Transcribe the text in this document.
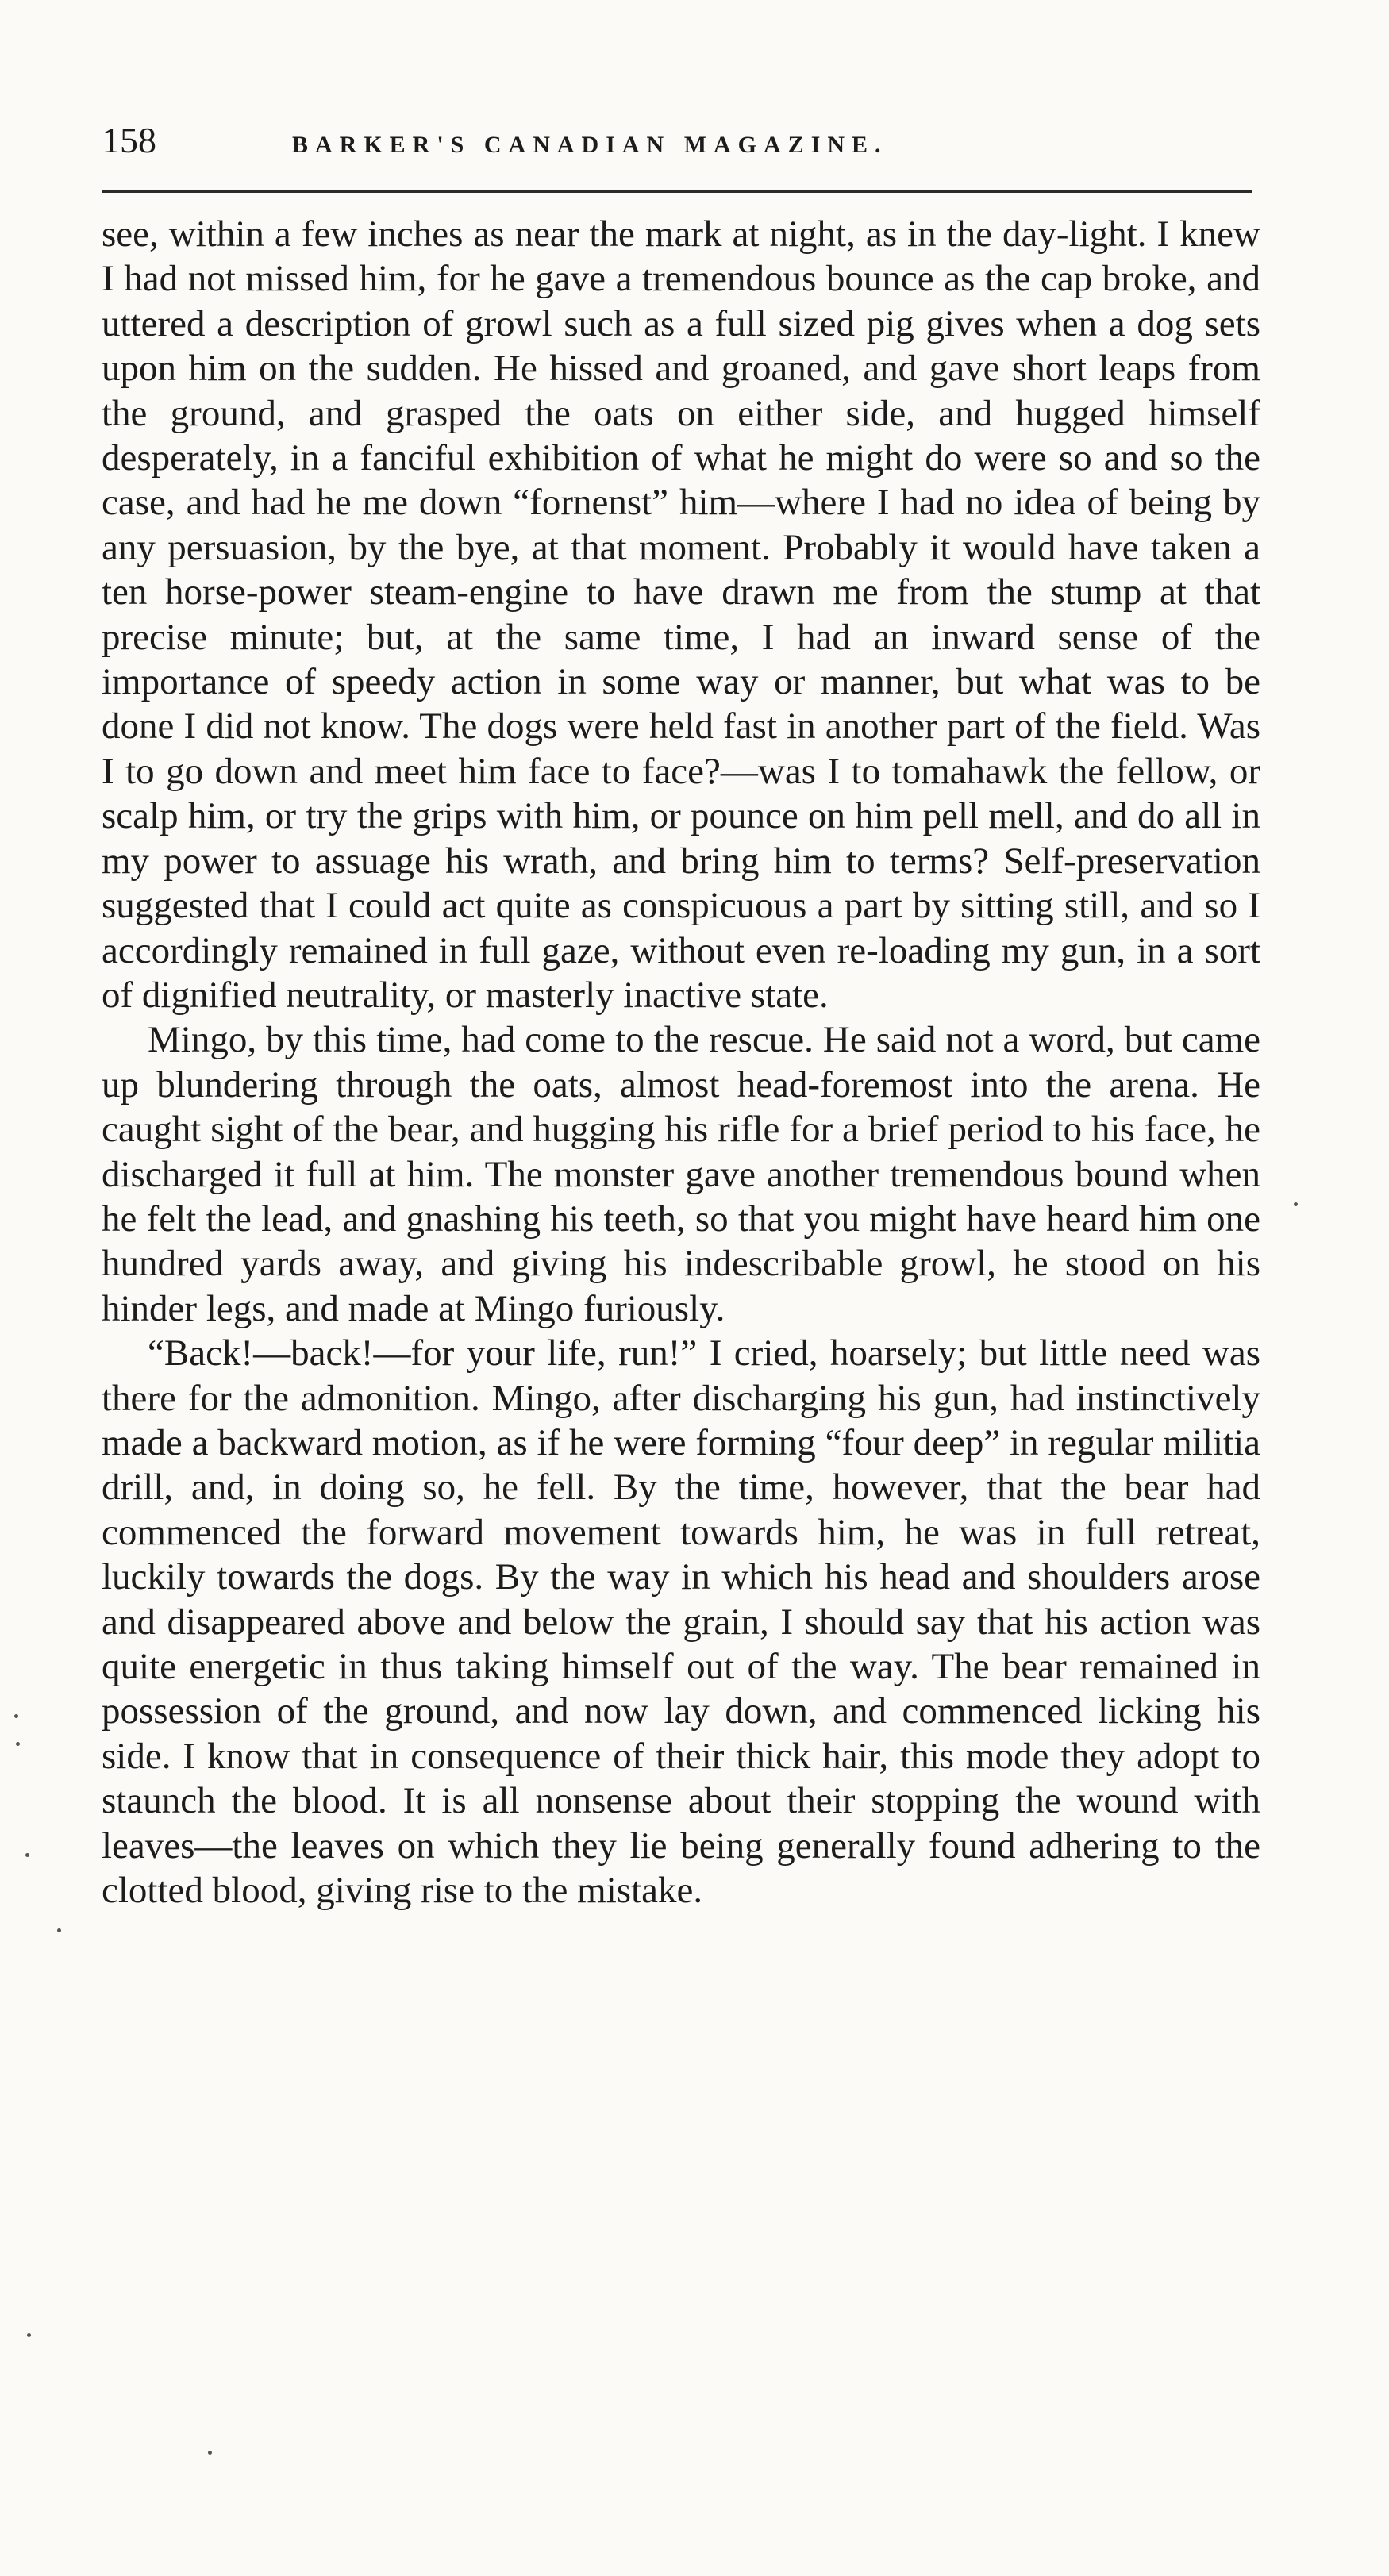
158	BARKER'S CANADIAN MAGAZINE.

see, within a few inches as near the mark at night, as in the day-light. I knew I had not missed him, for he gave a tremendous bounce as the cap broke, and uttered a description of growl such as a full sized pig gives when a dog sets upon him on the sudden. He hissed and groaned, and gave short leaps from the ground, and grasped the oats on either side, and hugged himself desperately, in a fanciful exhibition of what he might do were so and so the case, and had he me down “fornenst” him—where I had no idea of being by any persuasion, by the bye, at that moment. Probably it would have taken a ten horse-power steam-engine to have drawn me from the stump at that precise minute; but, at the same time, I had an inward sense of the importance of speedy action in some way or manner, but what was to be done I did not know. The dogs were held fast in another part of the field. Was I to go down and meet him face to face?—was I to tomahawk the fellow, or scalp him, or try the grips with him, or pounce on him pell mell, and do all in my power to assuage his wrath, and bring him to terms? Self-preservation suggested that I could act quite as conspicuous a part by sitting still, and so I accordingly remained in full gaze, without even re-loading my gun, in a sort of dignified neutrality, or masterly inactive state.

Mingo, by this time, had come to the rescue. He said not a word, but came up blundering through the oats, almost head-foremost into the arena. He caught sight of the bear, and hugging his rifle for a brief period to his face, he discharged it full at him. The monster gave another tremendous bound when he felt the lead, and gnashing his teeth, so that you might have heard him one hundred yards away, and giving his indescribable growl, he stood on his hinder legs, and made at Mingo furiously.

“Back!—back!—for your life, run!” I cried, hoarsely; but little need was there for the admonition. Mingo, after discharging his gun, had instinctively made a backward motion, as if he were forming “four deep” in regular militia drill, and, in doing so, he fell. By the time, however, that the bear had commenced the forward movement towards him, he was in full retreat, luckily towards the dogs. By the way in which his head and shoulders arose and disappeared above and below the grain, I should say that his action was quite energetic in thus taking himself out of the way. The bear remained in possession of the ground, and now lay down, and commenced licking his side. I know that in consequence of their thick hair, this mode they adopt to staunch the blood. It is all nonsense about their stopping the wound with leaves—the leaves on which they lie being generally found adhering to the clotted blood, giving rise to the mistake.
